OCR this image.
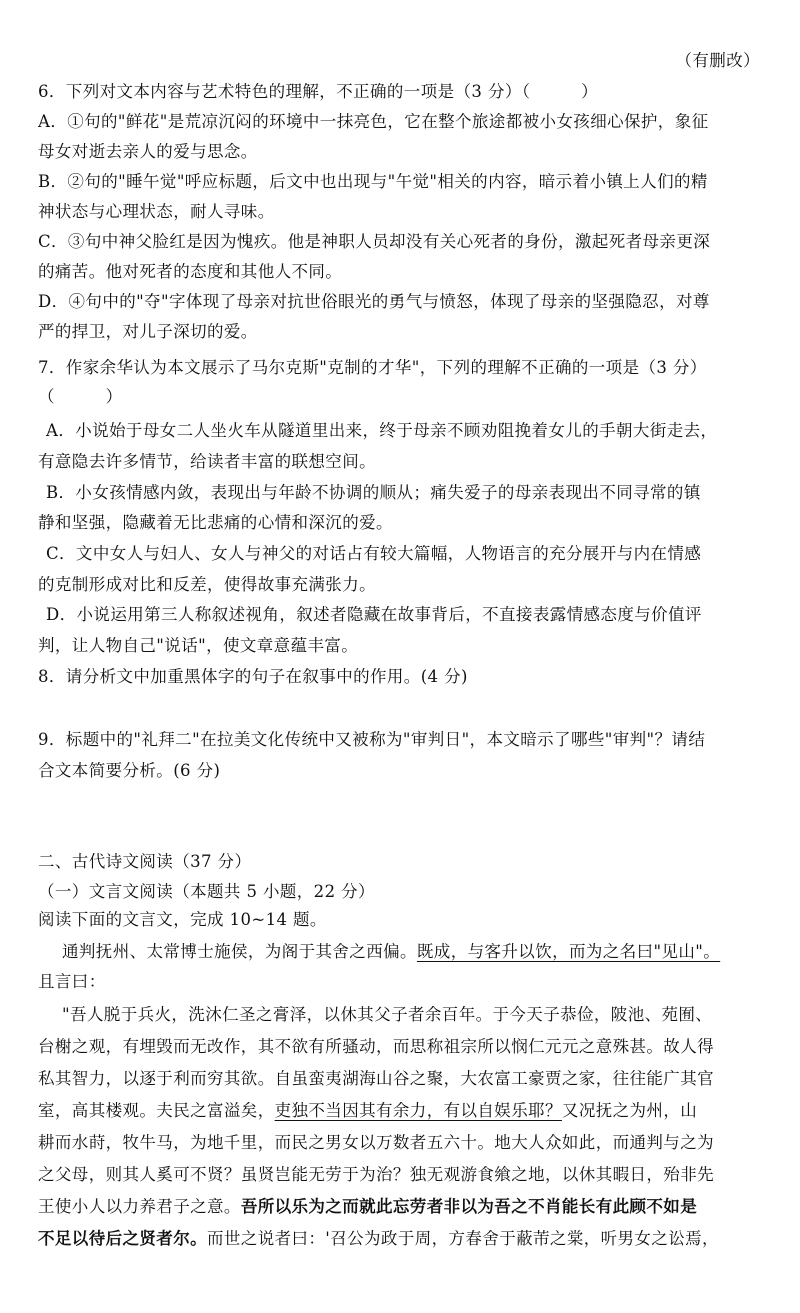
（有删改）
6．下列对文本内容与艺术特色的理解，不正确的一项是（3 分）（　　　）
A．①句的"鲜花"是荒凉沉闷的环境中一抹亮色，它在整个旅途都被小女孩细心保护，象征
母女对逝去亲人的爱与思念。
B．②句的"睡午觉"呼应标题，后文中也出现与"午觉"相关的内容，暗示着小镇上人们的精
神状态与心理状态，耐人寻味。
C．③句中神父脸红是因为愧疚。他是神职人员却没有关心死者的身份，激起死者母亲更深
的痛苦。他对死者的态度和其他人不同。
D．④句中的"夺"字体现了母亲对抗世俗眼光的勇气与愤怒，体现了母亲的坚强隐忍，对尊
严的捍卫，对儿子深切的爱。
7．作家余华认为本文展示了马尔克斯"克制的才华"，下列的理解不正确的一项是（3 分）
（　　　）
A．小说始于母女二人坐火车从隧道里出来，终于母亲不顾劝阻挽着女儿的手朝大街走去，
有意隐去许多情节，给读者丰富的联想空间。
B．小女孩情感内敛，表现出与年龄不协调的顺从；痛失爱子的母亲表现出不同寻常的镇
静和坚强，隐藏着无比悲痛的心情和深沉的爱。
C．文中女人与妇人、女人与神父的对话占有较大篇幅，人物语言的充分展开与内在情感
的克制形成对比和反差，使得故事充满张力。
D．小说运用第三人称叙述视角，叙述者隐藏在故事背后，不直接表露情感态度与价值评
判，让人物自己"说话"，使文章意蕴丰富。
8．请分析文中加重黑体字的句子在叙事中的作用。(4 分)
9．标题中的"礼拜二"在拉美文化传统中又被称为"审判日"，本文暗示了哪些"审判"？请结
合文本简要分析。(6 分)
二、古代诗文阅读（37 分）
（一）文言文阅读（本题共 5 小题，22 分）
阅读下面的文言文，完成 10~14 题。
通判抚州、太常博士施侯，为阁于其舍之西偏。既成，与客升以饮，而为之名曰"见山"。
且言曰：
"吾人脱于兵火，洗沐仁圣之膏泽，以休其父子者余百年。于今天子恭俭，陂池、苑囿、
台榭之观，有埋毁而无改作，其不欲有所骚动，而思称祖宗所以悯仁元元之意殊甚。故人得
私其智力，以逐于利而穷其欲。自虽蛮夷湖海山谷之聚，大农富工豪贾之家，往往能广其官
室，高其楼观。夫民之富溢矣，吏独不当因其有余力，有以自娱乐耶？又况抚之为州，山
耕而水莳，牧牛马，为地千里，而民之男女以万数者五六十。地大人众如此，而通判与之为
之父母，则其人奚可不贤？虽贤岂能无劳于为治？独无观游食飨之地，以休其暇日，殆非先
王使小人以力养君子之意。吾所以乐为之而就此忘劳者非以为吾之不肖能长有此顾不如是
不足以待后之贤者尔。而世之说者曰：'召公为政于周，方春舍于蔽芾之棠，听男女之讼焉，
